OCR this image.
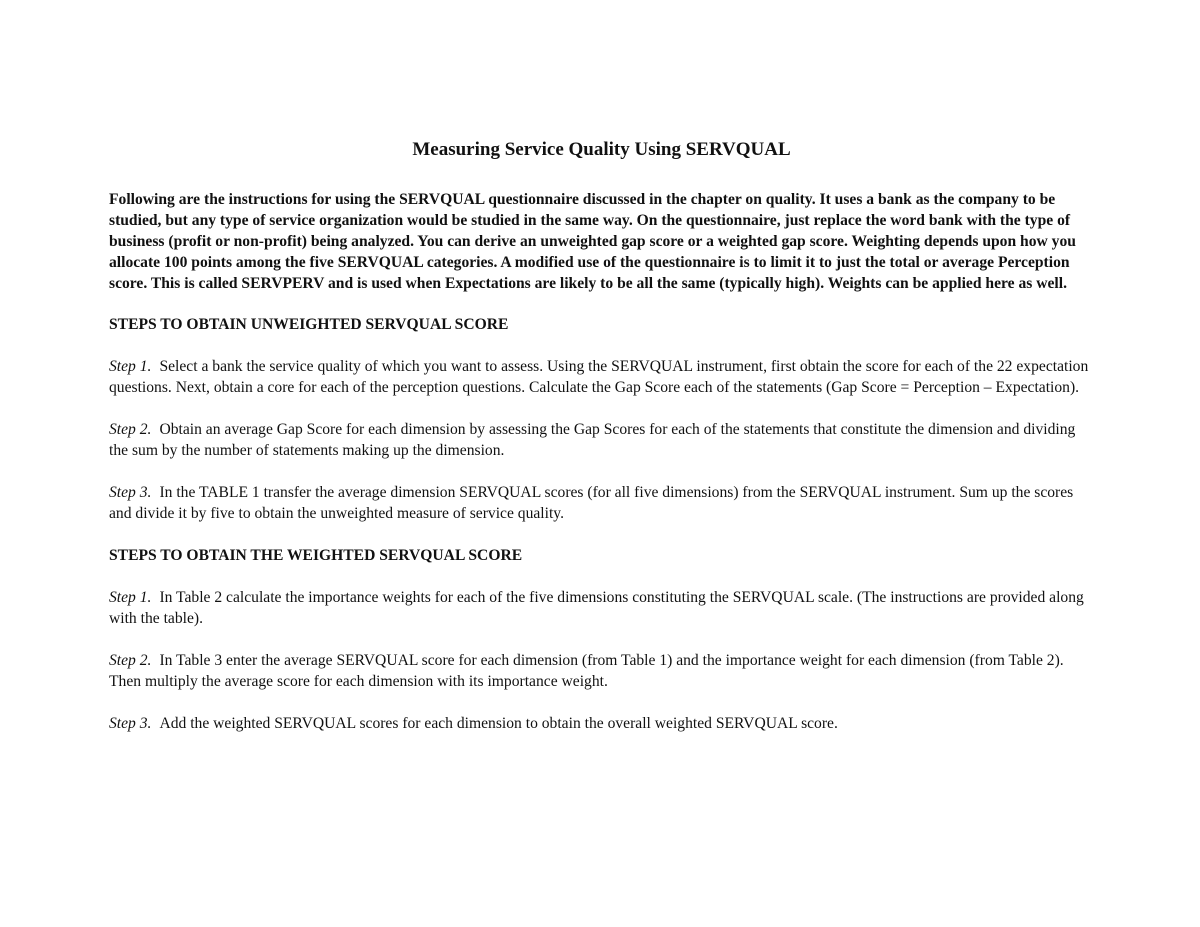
Measuring Service Quality Using SERVQUAL

Following are the instructions for using the SERVQUAL questionnaire discussed in the chapter on quality. It uses a bank as the company to be studied, but any type of service organization would be studied in the same way. On the questionnaire, just replace the word bank with the type of business (profit or non-profit) being analyzed. You can derive an unweighted gap score or a weighted gap score. Weighting depends upon how you allocate 100 points among the five SERVQUAL categories. A modified use of the questionnaire is to limit it to just the total or average Perception score. This is called SERVPERV and is used when Expectations are likely to be all the same (typically high). Weights can be applied here as well.

STEPS TO OBTAIN UNWEIGHTED SERVQUAL SCORE

Step 1. Select a bank the service quality of which you want to assess. Using the SERVQUAL instrument, first obtain the score for each of the 22 expectation questions. Next, obtain a core for each of the perception questions. Calculate the Gap Score each of the statements (Gap Score = Perception – Expectation).

Step 2. Obtain an average Gap Score for each dimension by assessing the Gap Scores for each of the statements that constitute the dimension and dividing the sum by the number of statements making up the dimension.

Step 3. In the TABLE 1 transfer the average dimension SERVQUAL scores (for all five dimensions) from the SERVQUAL instrument. Sum up the scores and divide it by five to obtain the unweighted measure of service quality.

STEPS TO OBTAIN THE WEIGHTED SERVQUAL SCORE

Step 1. In Table 2 calculate the importance weights for each of the five dimensions constituting the SERVQUAL scale. (The instructions are provided along with the table).

Step 2. In Table 3 enter the average SERVQUAL score for each dimension (from Table 1) and the importance weight for each dimension (from Table 2). Then multiply the average score for each dimension with its importance weight.

Step 3. Add the weighted SERVQUAL scores for each dimension to obtain the overall weighted SERVQUAL score.
